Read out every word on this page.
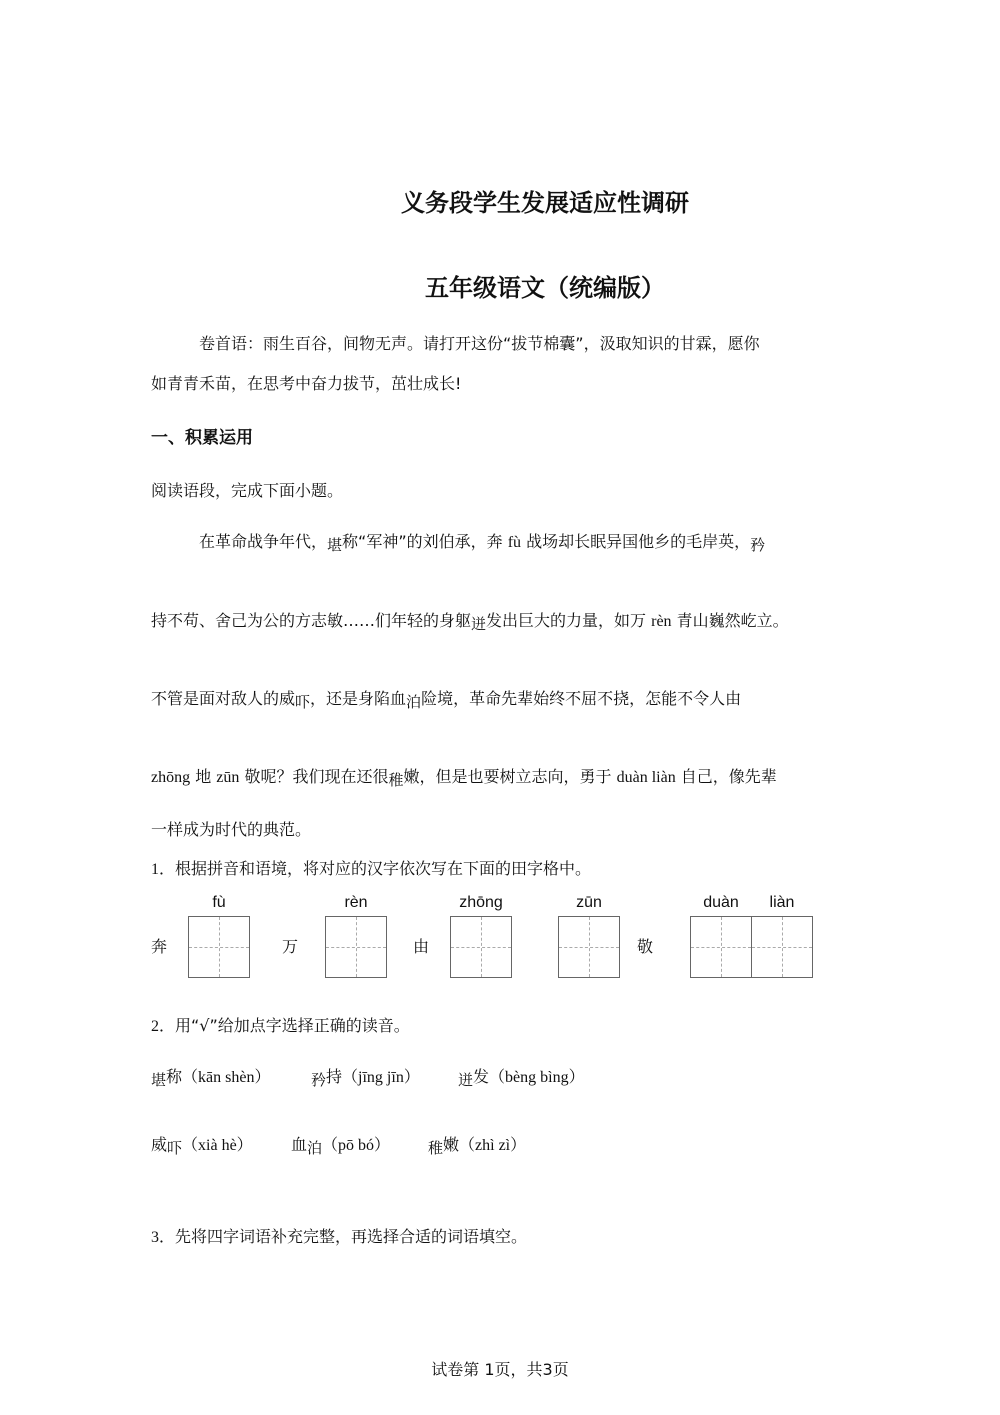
义务段学生发展适应性调研
五年级语文（统编版）
卷首语：雨生百谷，间物无声。请打开这份“拔节棉囊”，汲取知识的甘霖，愿你
如青青禾苗，在思考中奋力拔节，茁壮成长!
一、积累运用
阅读语段，完成下面小题。
在革命战争年代，堪称“军神”的刘伯承，奔 fù 战场却长眠异国他乡的毛岸英，矜
持不苟、舍己为公的方志敏……们年轻的身躯迸发出巨大的力量，如万 rèn 青山巍然屹立。
不管是面对敌人的威吓，还是身陷血泊险境，革命先辈始终不屈不挠，怎能不令人由
zhōng 地 zūn 敬呢？我们现在还很稚嫩，但是也要树立志向，勇于 duàn liàn 自己，像先辈
一样成为时代的典范。
1．根据拼音和语境，将对应的汉字依次写在下面的田字格中。
fù	rèn	zhōng	zūn	duàn	liàn
奔	万	由	敬
2．用“√”给加点字选择正确的读音。
堪称（kān shèn）	矜持（jīng jīn）	迸发（bèng bìng）
威吓（xià hè） 血泊（pō bó）	稚嫩（zhì zì）
3．先将四字词语补充完整，再选择合适的词语填空。
试卷第 1页，共3页
